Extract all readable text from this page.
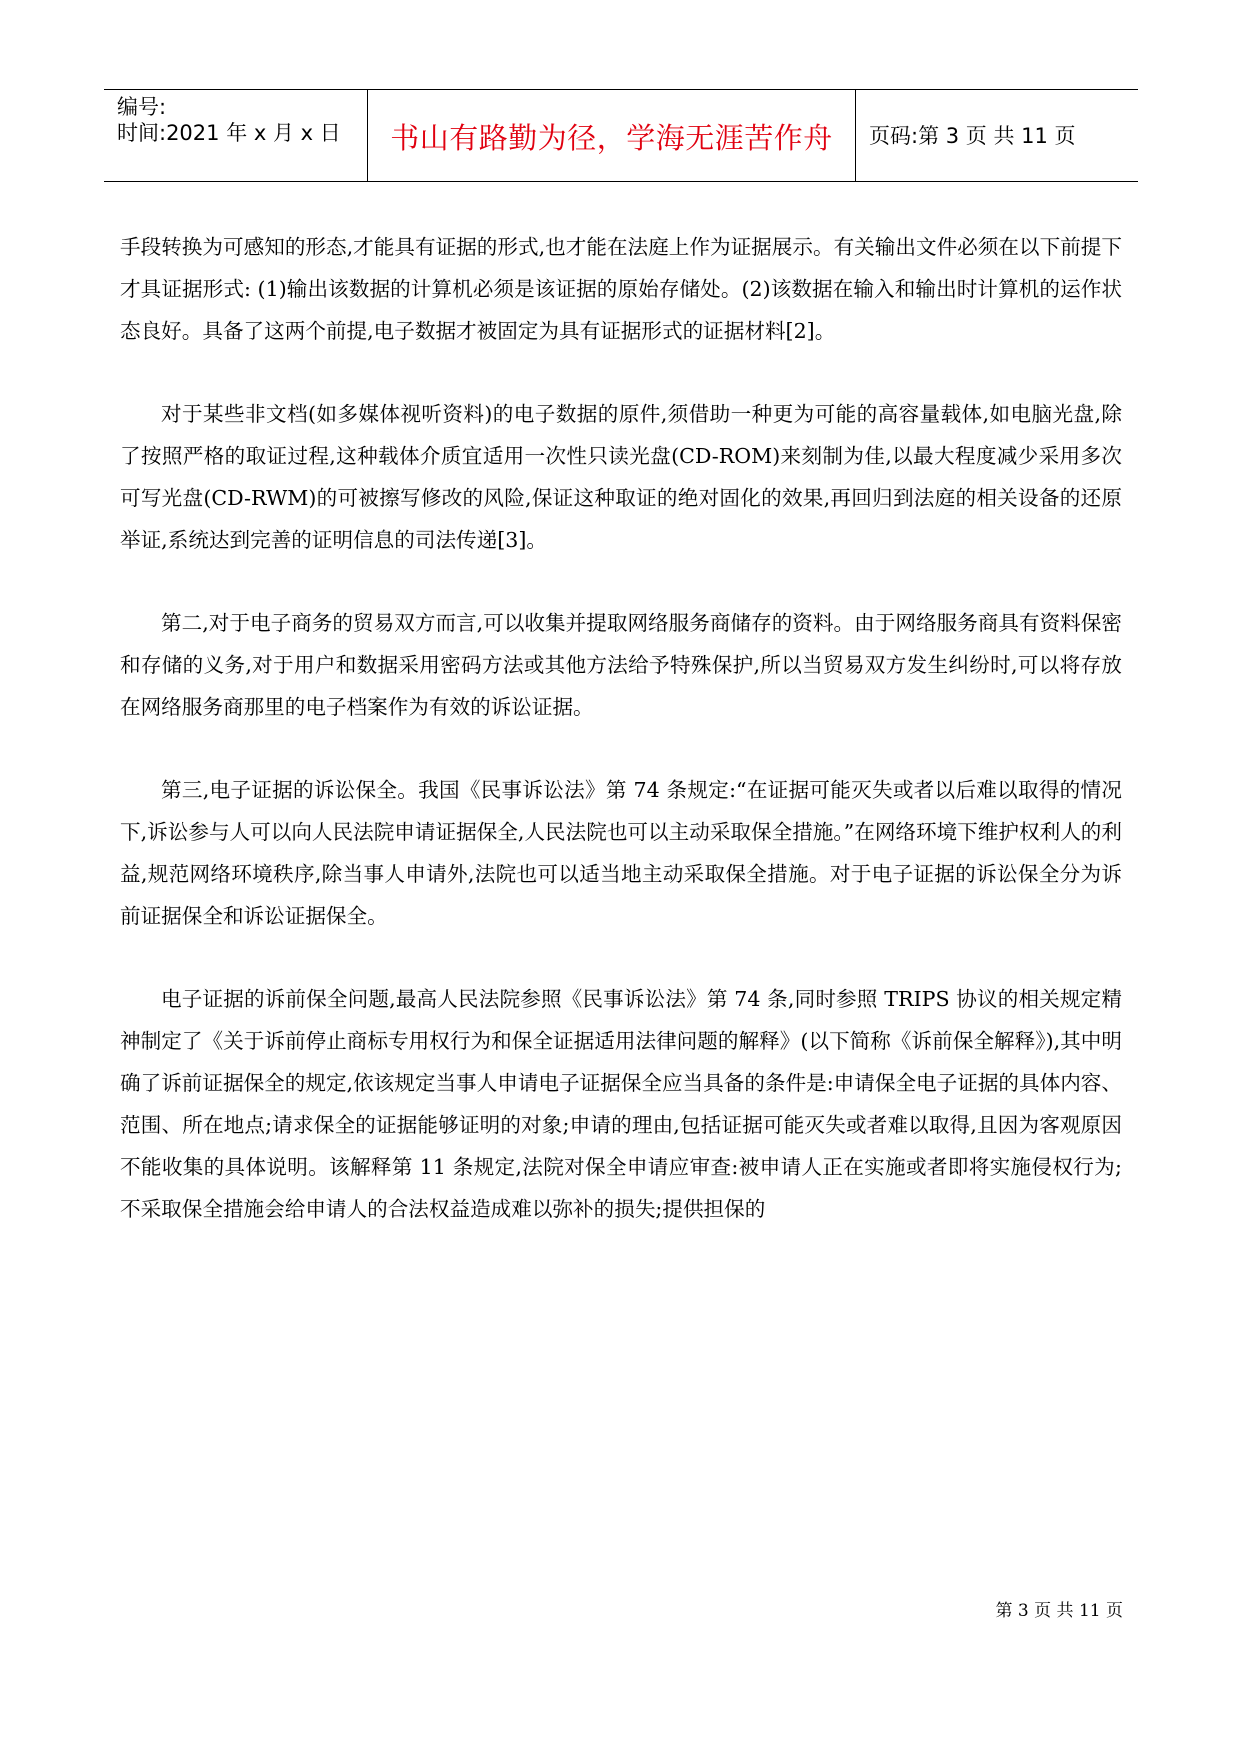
编号:
时间:2021 年 x 月 x 日	书山有路勤为径，学海无涯苦作舟	页码:第 3 页 共 11 页

手段转换为可感知的形态,才能具有证据的形式,也才能在法庭上作为证据展示。有关输出文件必须在以下前提下才具证据形式: (1)输出该数据的计算机必须是该证据的原始存储处。(2)该数据在输入和输出时计算机的运作状态良好。具备了这两个前提,电子数据才被固定为具有证据形式的证据材料[2]。

对于某些非文档(如多媒体视听资料)的电子数据的原件,须借助一种更为可能的高容量载体,如电脑光盘,除了按照严格的取证过程,这种载体介质宜适用一次性只读光盘(CD-ROM)来刻制为佳,以最大程度减少采用多次可写光盘(CD-RWM)的可被擦写修改的风险,保证这种取证的绝对固化的效果,再回归到法庭的相关设备的还原举证,系统达到完善的证明信息的司法传递[3]。

第二,对于电子商务的贸易双方而言,可以收集并提取网络服务商储存的资料。由于网络服务商具有资料保密和存储的义务,对于用户和数据采用密码方法或其他方法给予特殊保护,所以当贸易双方发生纠纷时,可以将存放在网络服务商那里的电子档案作为有效的诉讼证据。

第三,电子证据的诉讼保全。我国《民事诉讼法》第 74 条规定:“在证据可能灭失或者以后难以取得的情况下,诉讼参与人可以向人民法院申请证据保全,人民法院也可以主动采取保全措施。”在网络环境下维护权利人的利益,规范网络环境秩序,除当事人申请外,法院也可以适当地主动采取保全措施。对于电子证据的诉讼保全分为诉前证据保全和诉讼证据保全。

电子证据的诉前保全问题,最高人民法院参照《民事诉讼法》第 74 条,同时参照 TRIPS 协议的相关规定精神制定了《关于诉前停止商标专用权行为和保全证据适用法律问题的解释》(以下简称《诉前保全解释》),其中明确了诉前证据保全的规定,依该规定当事人申请电子证据保全应当具备的条件是:申请保全电子证据的具体内容、范围、所在地点;请求保全的证据能够证明的对象;申请的理由,包括证据可能灭失或者难以取得,且因为客观原因不能收集的具体说明。该解释第 11 条规定,法院对保全申请应审查:被申请人正在实施或者即将实施侵权行为;不采取保全措施会给申请人的合法权益造成难以弥补的损失;提供担保的

第 3 页 共 11 页
